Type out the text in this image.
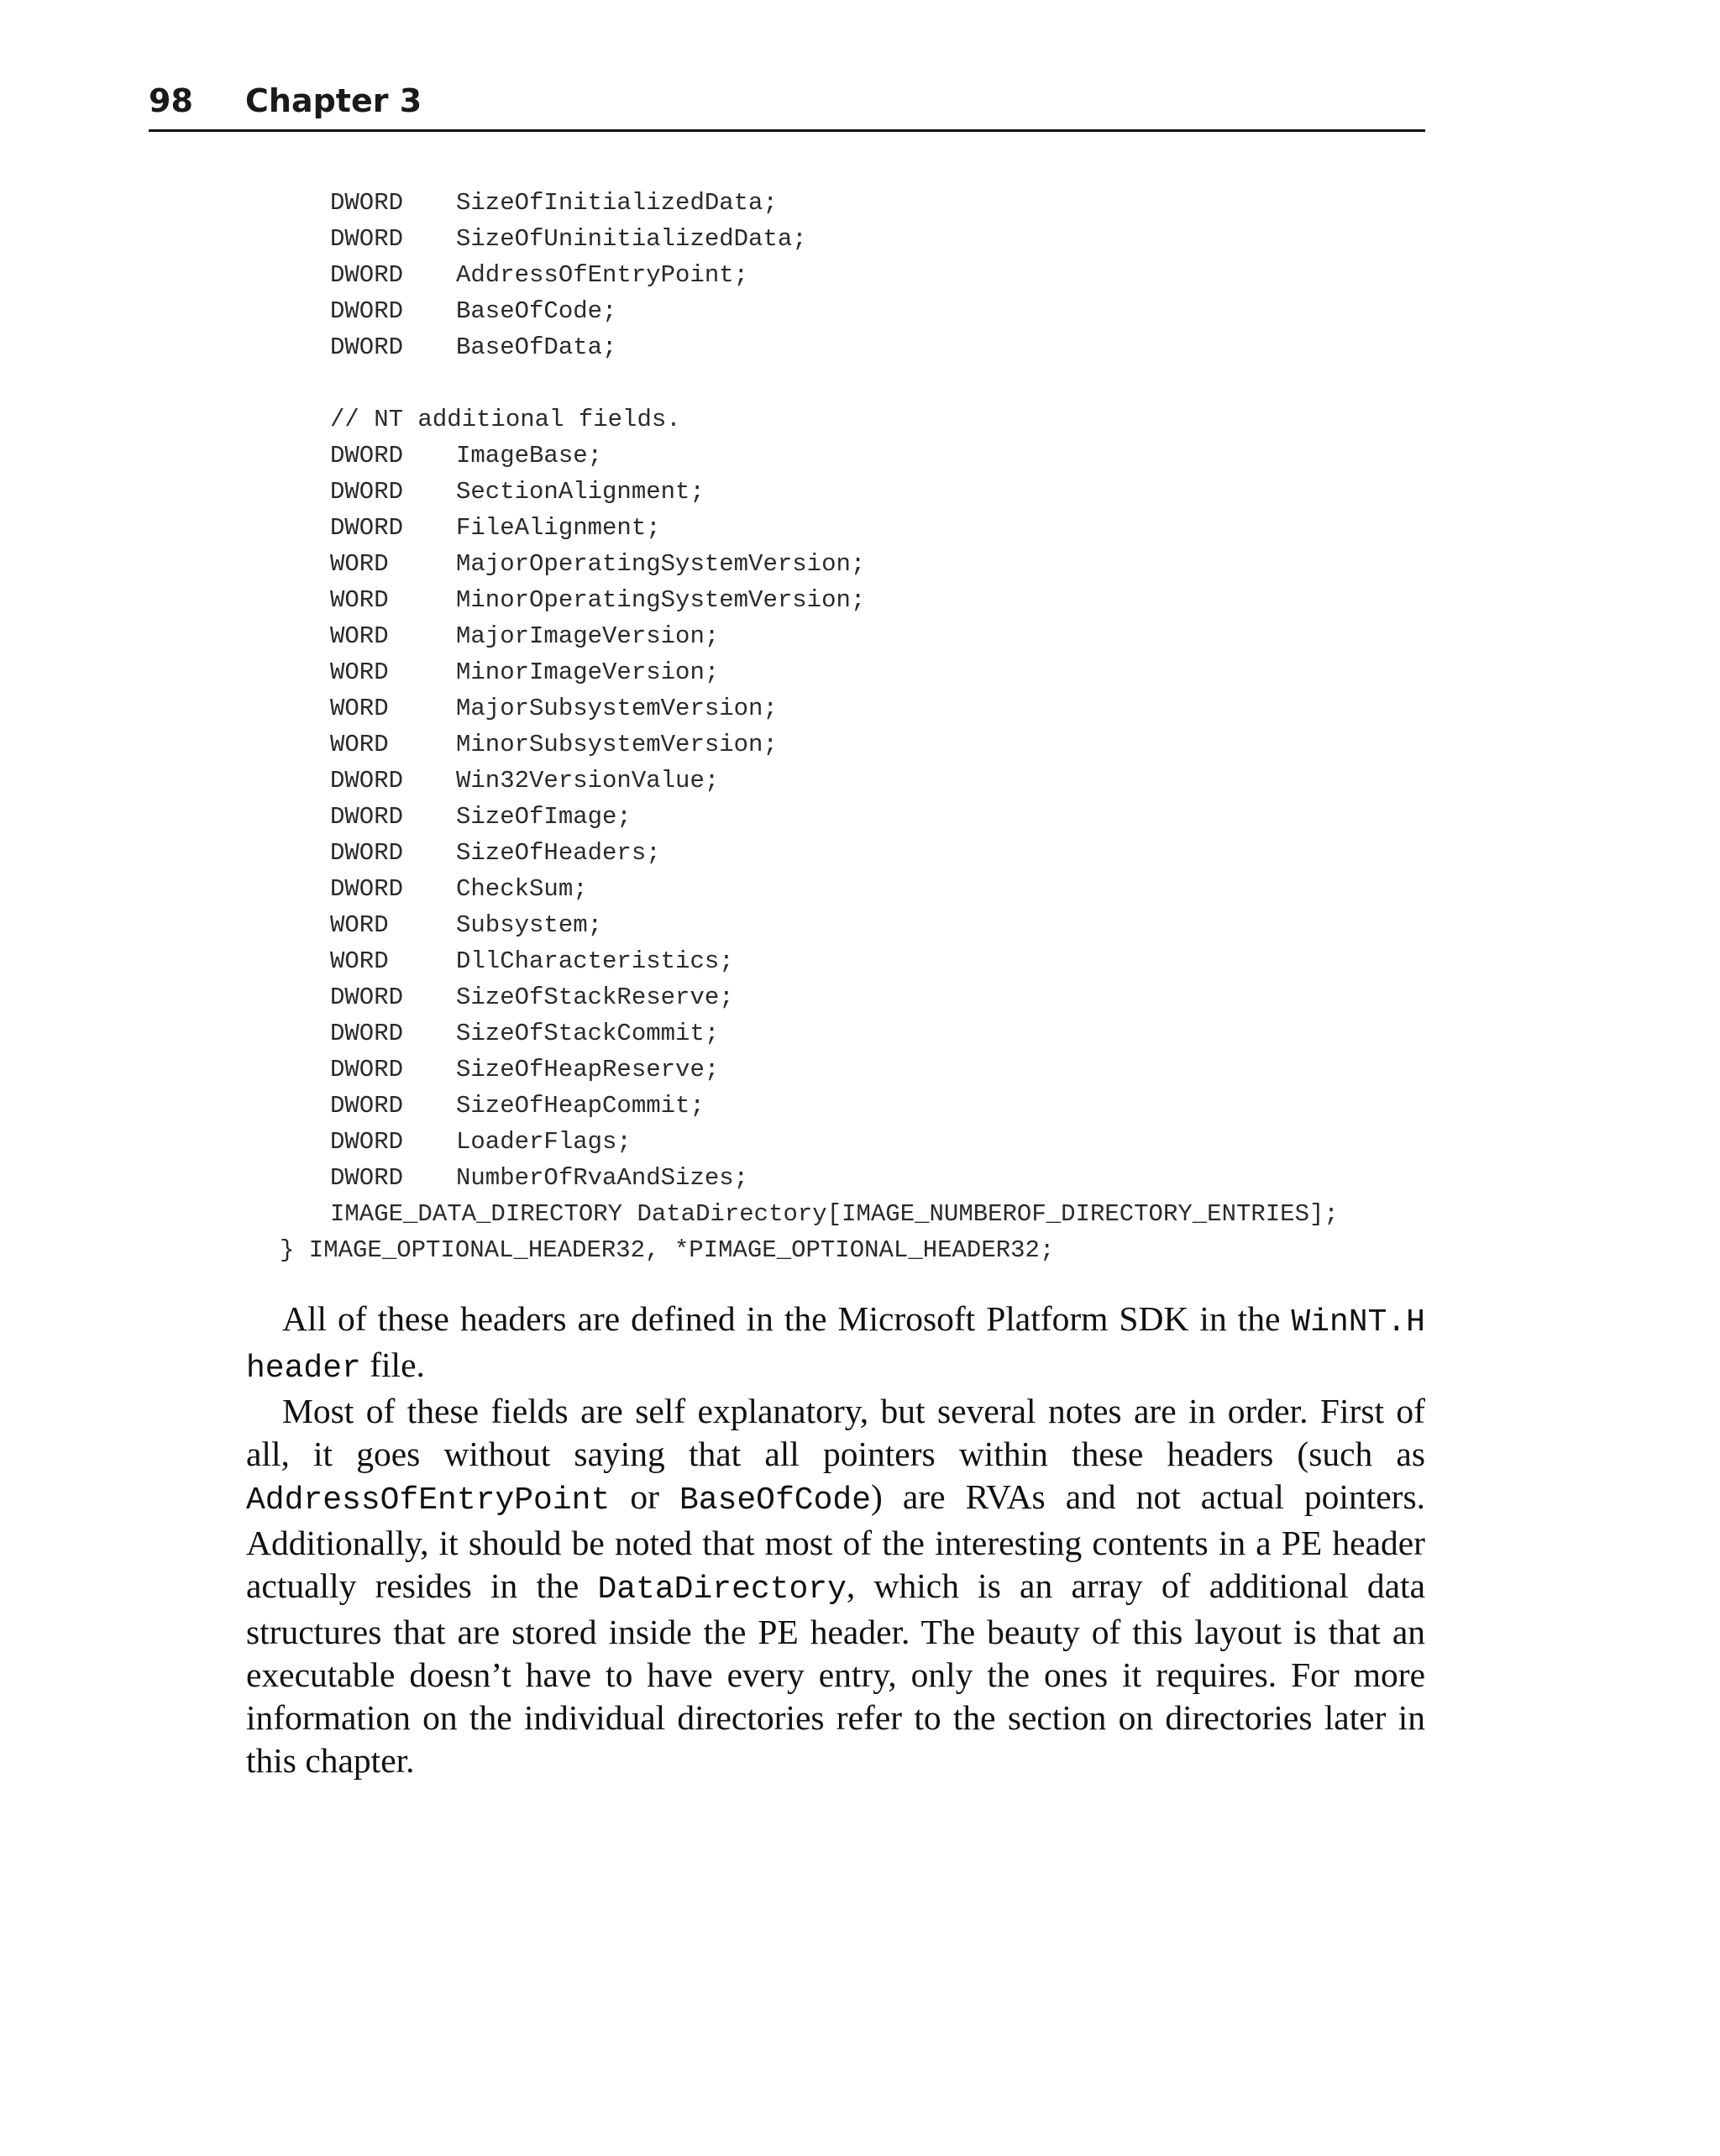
98 Chapter 3
DWORD SizeOfInitializedData;
DWORD SizeOfUninitializedData;
DWORD AddressOfEntryPoint;
DWORD BaseOfCode;
DWORD BaseOfData;
// NT additional fields.
DWORD ImageBase;
DWORD SectionAlignment;
DWORD FileAlignment;
WORD	MajorOperatingSystemVersion;
WORD	MinorOperatingSystemVersion;
WORD	MajorImageVersion;
WORD	MinorImageVersion;
WORD	MajorSubsystemVersion;
WORD	MinorSubsystemVersion;
DWORD Win32VersionValue;
DWORD SizeOfImage;
DWORD SizeOfHeaders;
DWORD CheckSum;
WORD	Subsystem;
WORD	DllCharacteristics;
DWORD SizeOfStackReserve;
DWORD SizeOfStackCommit;
DWORD SizeOfHeapReserve;
DWORD SizeOfHeapCommit;
DWORD LoaderFlags;
DWORD NumberOfRvaAndSizes;
IMAGE_DATA_DIRECTORY DataDirectory[IMAGE_NUMBEROF_DIRECTORY_ENTRIES];
} IMAGE_OPTIONAL_HEADER32, *PIMAGE_OPTIONAL_HEADER32;

All of these headers are defined in the Microsoft Platform SDK in the WinNT.H header file.

Most of these fields are self explanatory, but several notes are in order. First of all, it goes without saying that all pointers within these headers (such as AddressOfEntryPoint or BaseOfCode) are RVAs and not actual pointers. Additionally, it should be noted that most of the interesting contents in a PE header actually resides in the DataDirectory, which is an array of additional data structures that are stored inside the PE header. The beauty of this layout is that an executable doesn’t have to have every entry, only the ones it requires. For more information on the individual directories refer to the section on directories later in this chapter.
